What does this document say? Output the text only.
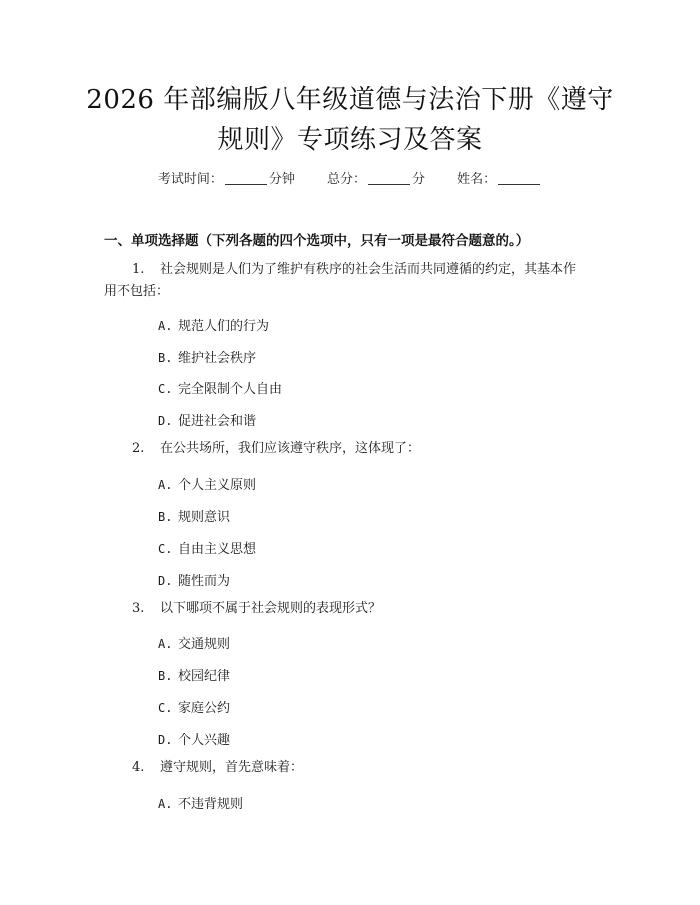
2026 年部编版八年级道德与法治下册《遵守
规则》专项练习及答案
考试时间：	分钟 总分：	分 姓名：
一、单项选择题（下列各题的四个选项中，只有一项是最符合题意的。）
1. 社会规则是人们为了维护有秩序的社会生活而共同遵循的约定，其基本作
用不包括：
A. 规范人们的行为
B. 维护社会秩序
C. 完全限制个人自由
D. 促进社会和谐
2. 在公共场所，我们应该遵守秩序，这体现了：
A. 个人主义原则
B. 规则意识
C. 自由主义思想
D. 随性而为
3. 以下哪项不属于社会规则的表现形式？
A. 交通规则
B. 校园纪律
C. 家庭公约
D. 个人兴趣
4. 遵守规则，首先意味着：
A. 不违背规则
